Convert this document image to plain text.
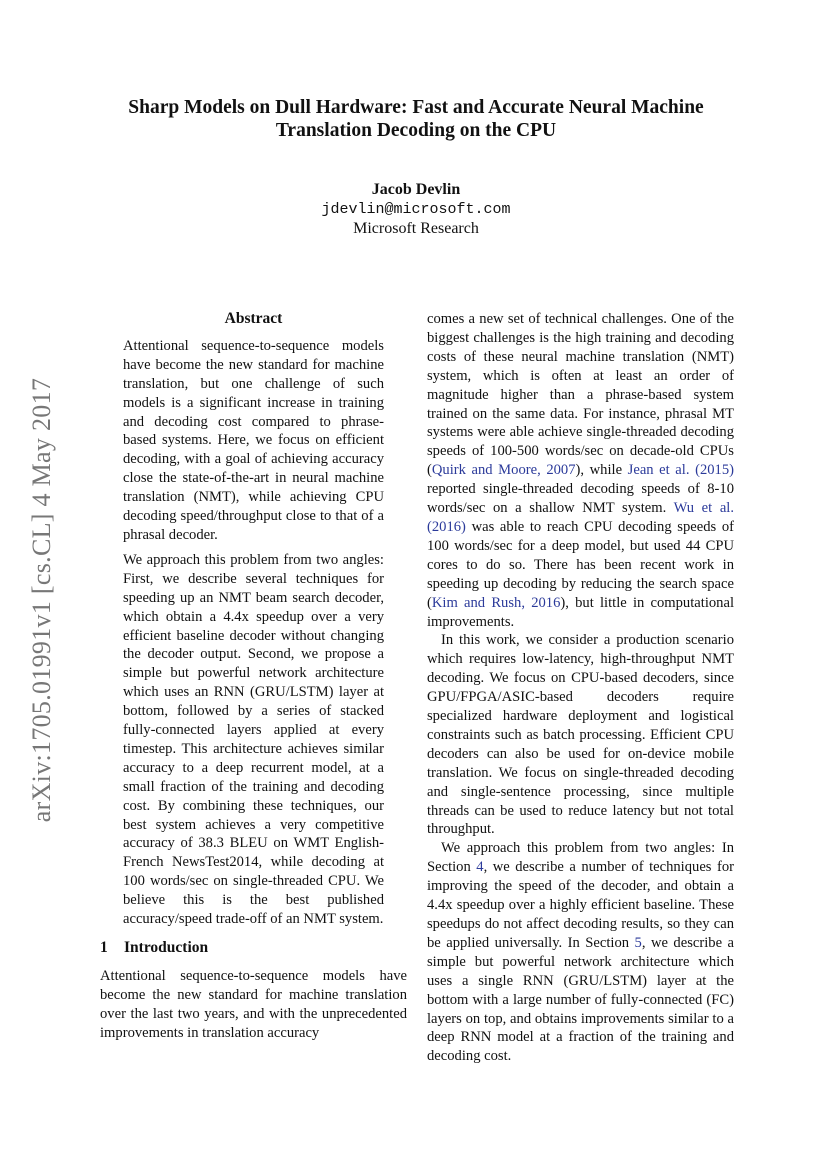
arXiv:1705.01991v1 [cs.CL] 4 May 2017
Sharp Models on Dull Hardware: Fast and Accurate Neural Machine
Translation Decoding on the CPU
Jacob Devlin
jdevlin@microsoft.com
Microsoft Research
Abstract

Attentional sequence-to-sequence models have become the new standard for machine translation, but one challenge of such models is a significant increase in training and decoding cost compared to phrase-based systems. Here, we focus on efficient decoding, with a goal of achieving accuracy close the state-of-the-art in neural machine translation (NMT), while achieving CPU decoding speed/throughput close to that of a phrasal decoder.

We approach this problem from two angles: First, we describe several techniques for speeding up an NMT beam search decoder, which obtain a 4.4x speedup over a very efficient baseline decoder without changing the decoder output. Second, we propose a simple but powerful network architecture which uses an RNN (GRU/LSTM) layer at bottom, followed by a series of stacked fully-connected layers applied at every timestep. This architecture achieves similar accuracy to a deep recurrent model, at a small fraction of the training and decoding cost. By combining these techniques, our best system achieves a very competitive accuracy of 38.3 BLEU on WMT English-French NewsTest2014, while decoding at 100 words/sec on single-threaded CPU. We believe this is the best published accuracy/speed trade-off of an NMT system.

1 Introduction

Attentional sequence-to-sequence models have become the new standard for machine translation over the last two years, and with the unprecedented improvements in translation accuracy

comes a new set of technical challenges. One of the biggest challenges is the high training and decoding costs of these neural machine translation (NMT) system, which is often at least an order of magnitude higher than a phrase-based system trained on the same data. For instance, phrasal MT systems were able achieve single-threaded decoding speeds of 100-500 words/sec on decade-old CPUs (Quirk and Moore, 2007), while Jean et al. (2015) reported single-threaded decoding speeds of 8-10 words/sec on a shallow NMT system. Wu et al. (2016) was able to reach CPU decoding speeds of 100 words/sec for a deep model, but used 44 CPU cores to do so. There has been recent work in speeding up decoding by reducing the search space (Kim and Rush, 2016), but little in computational improvements.

In this work, we consider a production scenario which requires low-latency, high-throughput NMT decoding. We focus on CPU-based decoders, since GPU/FPGA/ASIC-based decoders require specialized hardware deployment and logistical constraints such as batch processing. Efficient CPU decoders can also be used for on-device mobile translation. We focus on single-threaded decoding and single-sentence processing, since multiple threads can be used to reduce latency but not total throughput.

We approach this problem from two angles: In Section 4, we describe a number of techniques for improving the speed of the decoder, and obtain a 4.4x speedup over a highly efficient baseline. These speedups do not affect decoding results, so they can be applied universally. In Section 5, we describe a simple but powerful network architecture which uses a single RNN (GRU/LSTM) layer at the bottom with a large number of fully-connected (FC) layers on top, and obtains improvements similar to a deep RNN model at a fraction of the training and decoding cost.
